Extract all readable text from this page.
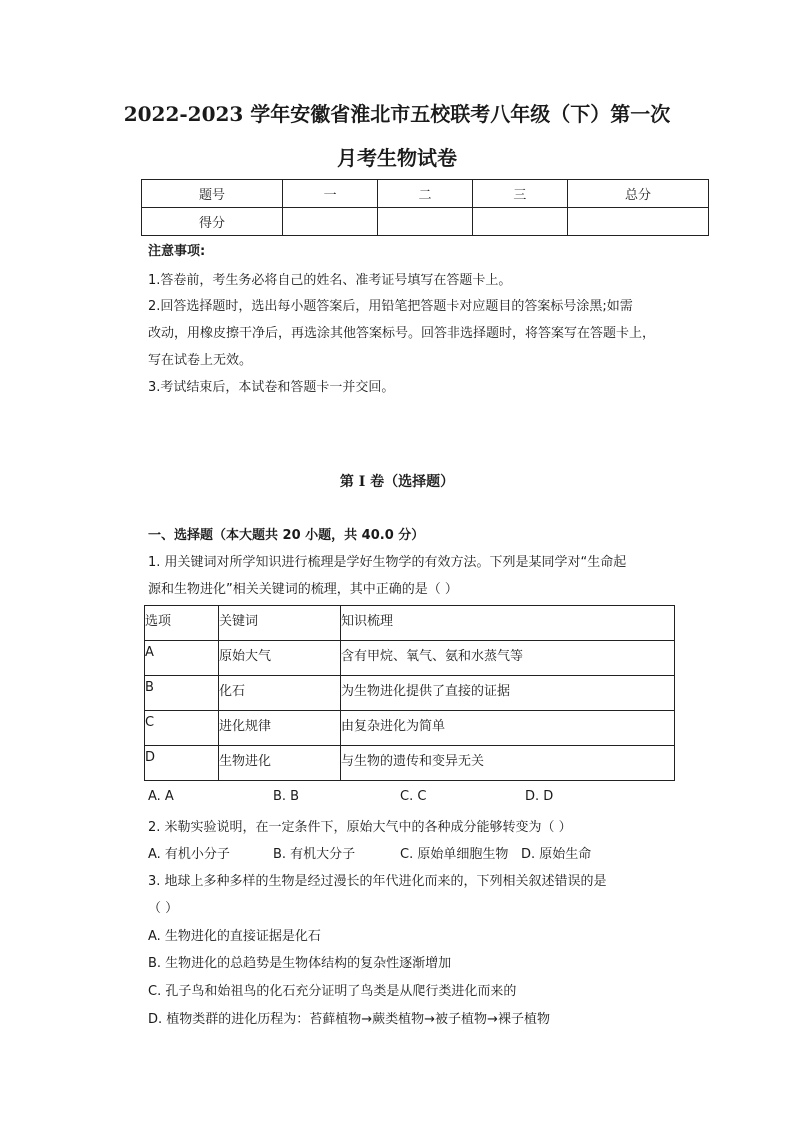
2022-2023 学年安徽省淮北市五校联考八年级（下）第一次
月考生物试卷
题号	一	二	三	总分
得分				
注意事项:
1.答卷前，考生务必将自己的姓名、准考证号填写在答题卡上。
2.回答选择题时，选出每小题答案后，用铅笔把答题卡对应题目的答案标号涂黑;如需
改动，用橡皮擦干净后，再选涂其他答案标号。回答非选择题时，将答案写在答题卡上，
写在试卷上无效。
3.考试结束后，本试卷和答题卡一并交回。
第 I 卷（选择题）
一、选择题（本大题共 20 小题，共 40.0 分）
1. 用关键词对所学知识进行梳理是学好生物学的有效方法。下列是某同学对“生命起
源和生物进化”相关关键词的梳理，其中正确的是（ ）
选项	关键词	知识梳理
A	原始大气	含有甲烷、氧气、氨和水蒸气等
B	化石	为生物进化提供了直接的证据
C	进化规律	由复杂进化为简单
D	生物进化	与生物的遗传和变异无关
A. A	B. B	C. C	D. D
2. 米勒实验说明，在一定条件下，原始大气中的各种成分能够转变为（ ）
A. 有机小分子	B. 有机大分子	C. 原始单细胞生物 D. 原始生命
3. 地球上多种多样的生物是经过漫长的年代进化而来的，下列相关叙述错误的是
（ ）
A. 生物进化的直接证据是化石
B. 生物进化的总趋势是生物体结构的复杂性逐渐增加
C. 孔子鸟和始祖鸟的化石充分证明了鸟类是从爬行类进化而来的
D. 植物类群的进化历程为：苔藓植物→蕨类植物→被子植物→裸子植物
